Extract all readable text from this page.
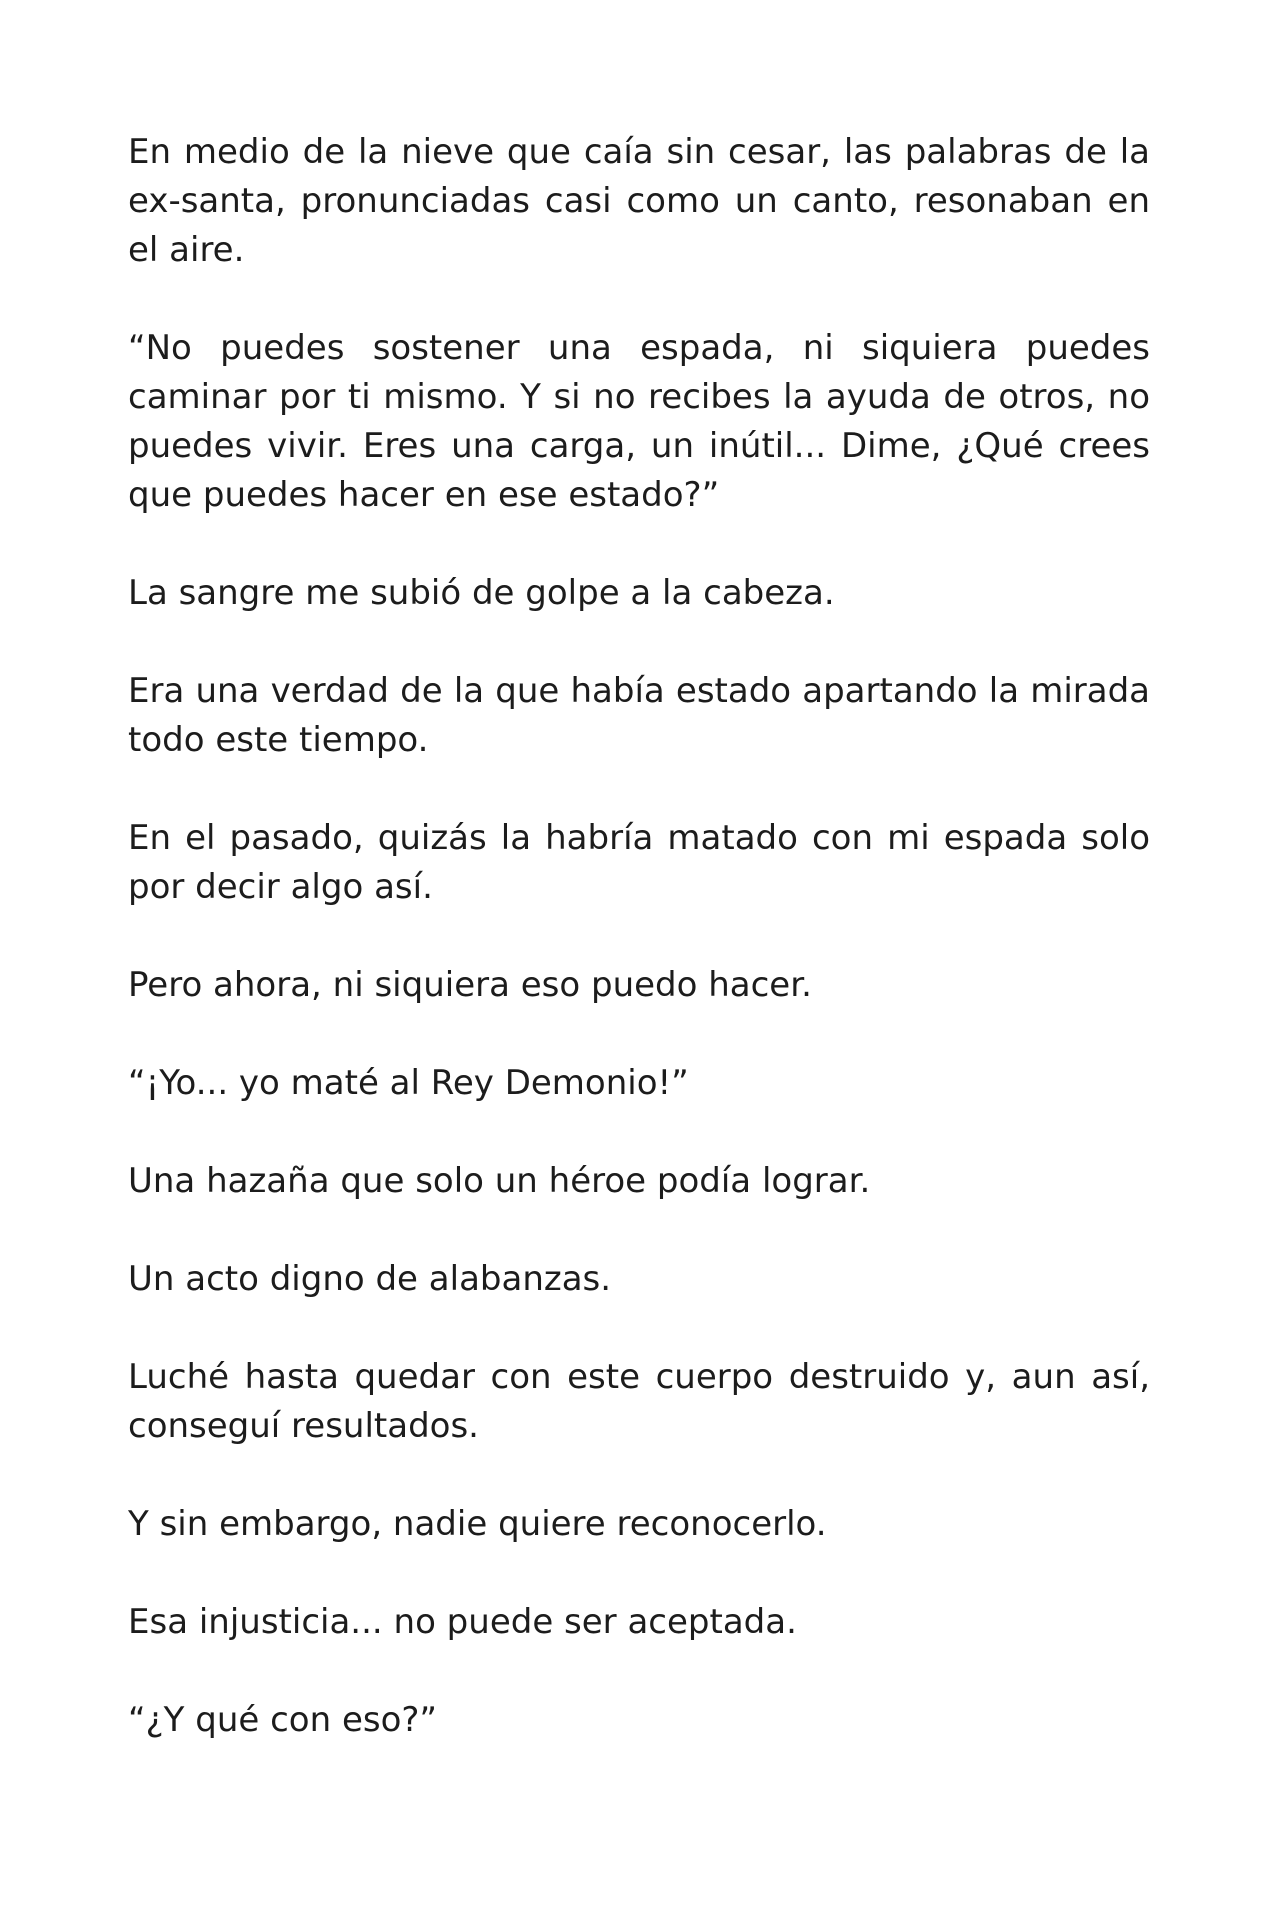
En medio de la nieve que caía sin cesar, las palabras de la ex-santa, pronunciadas casi como un canto, resonaban en el aire.

“No puedes sostener una espada, ni siquiera puedes caminar por ti mismo. Y si no recibes la ayuda de otros, no puedes vivir. Eres una carga, un inútil... Dime, ¿Qué crees que puedes hacer en ese estado?”

La sangre me subió de golpe a la cabeza.

Era una verdad de la que había estado apartando la mirada todo este tiempo.

En el pasado, quizás la habría matado con mi espada solo por decir algo así.

Pero ahora, ni siquiera eso puedo hacer.

“¡Yo... yo maté al Rey Demonio!”

Una hazaña que solo un héroe podía lograr.

Un acto digno de alabanzas.

Luché hasta quedar con este cuerpo destruido y, aun así, conseguí resultados.

Y sin embargo, nadie quiere reconocerlo.

Esa injusticia... no puede ser aceptada.

“¿Y qué con eso?”
